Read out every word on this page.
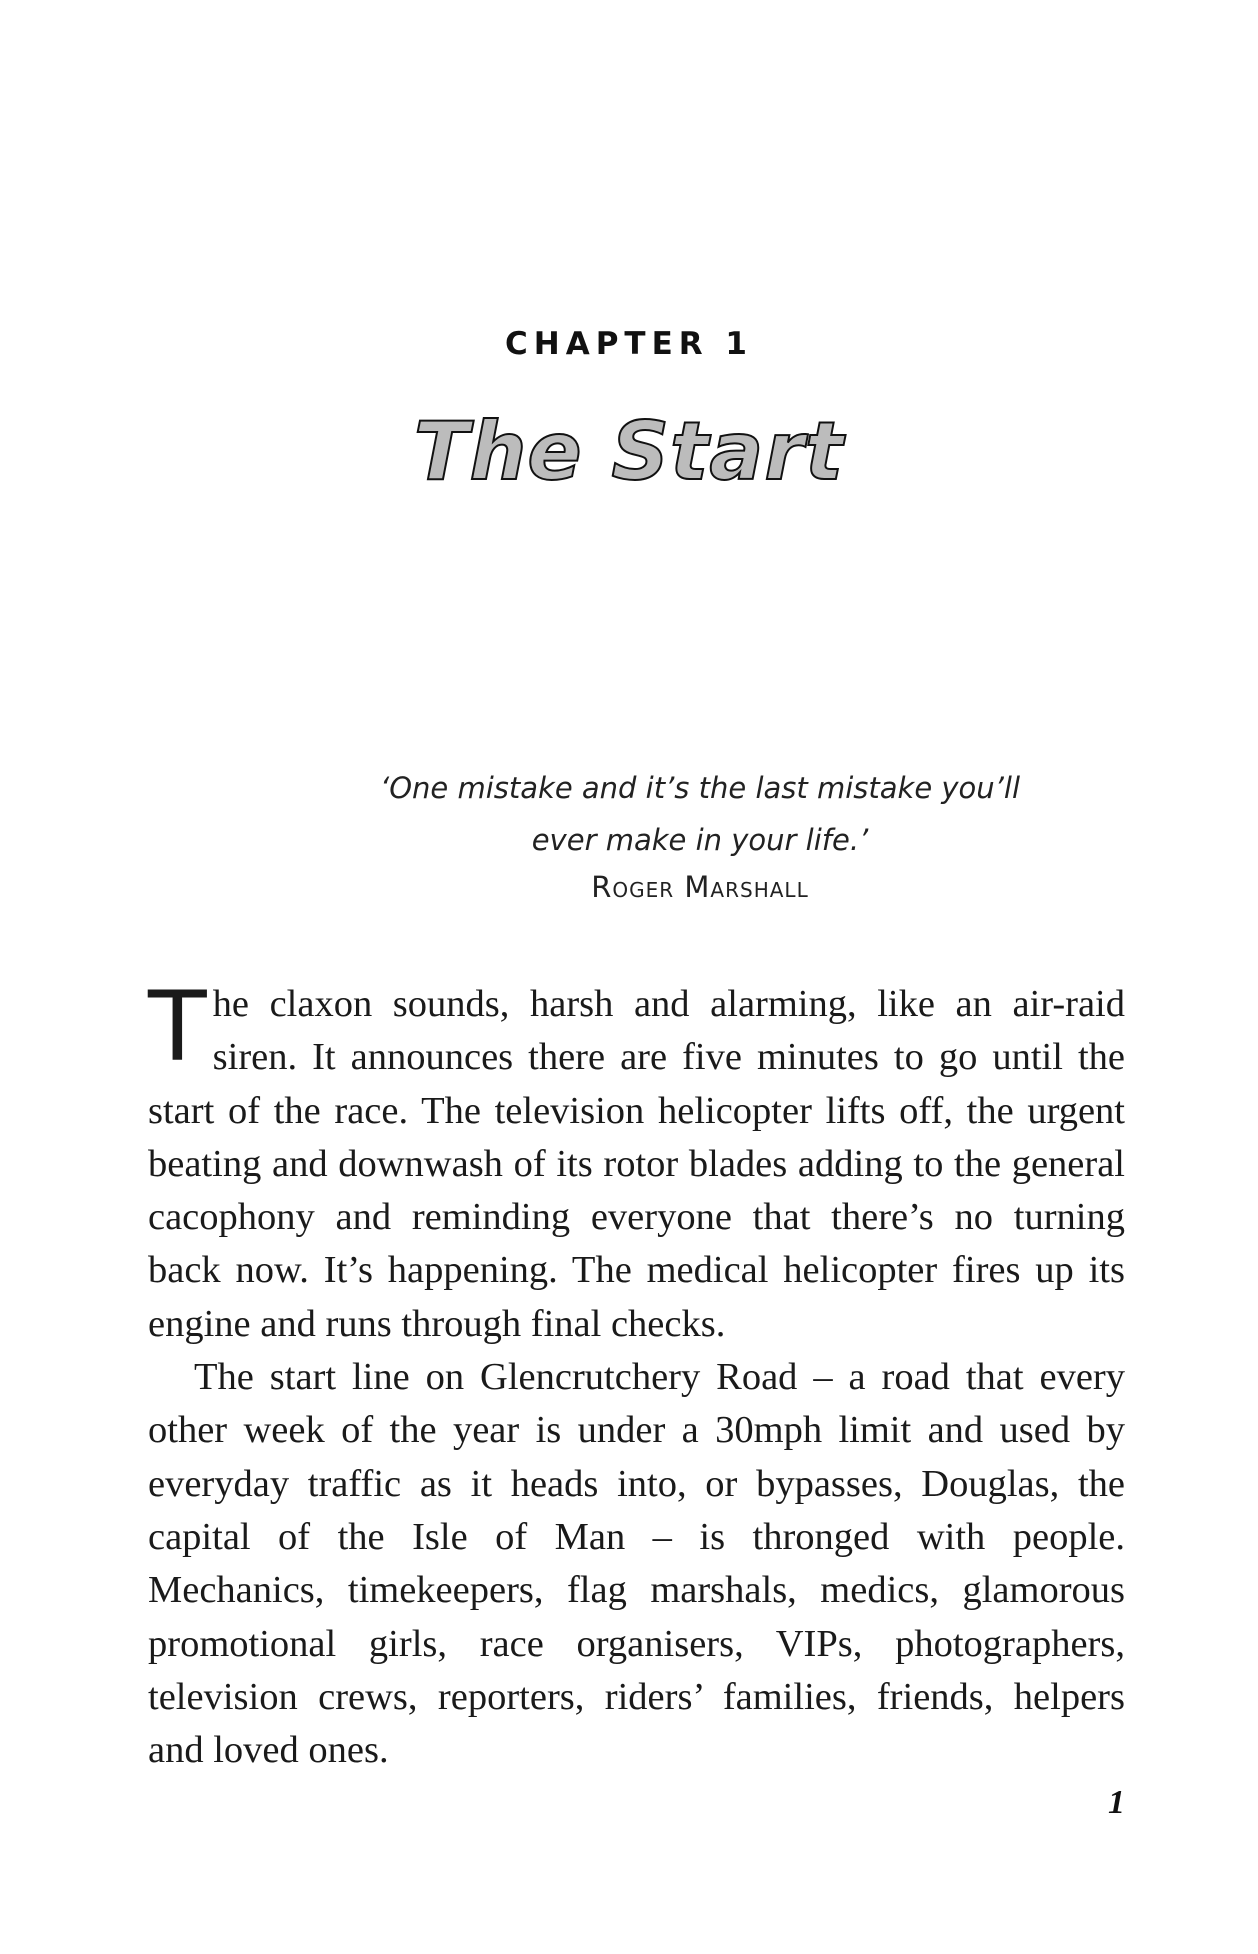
CHAPTER 1
The Start
‘One mistake and it’s the last mistake you’ll
ever make in your life.’
Roger Marshall

The claxon sounds, harsh and alarming, like an air-raid siren. It announces there are five minutes to go until the start of the race. The television helicopter lifts off, the urgent beating and downwash of its rotor blades adding to the general cacophony and reminding everyone that there’s no turning back now. It’s happening. The medical helicopter fires up its engine and runs through final checks.

The start line on Glencrutchery Road – a road that every other week of the year is under a 30mph limit and used by everyday traffic as it heads into, or bypasses, Douglas, the capital of the Isle of Man – is thronged with people. Mechanics, timekeepers, flag marshals, medics, glamorous promotional girls, race organisers, VIPs, photographers, television crews, reporters, riders’ families, friends, helpers and loved ones.

1
